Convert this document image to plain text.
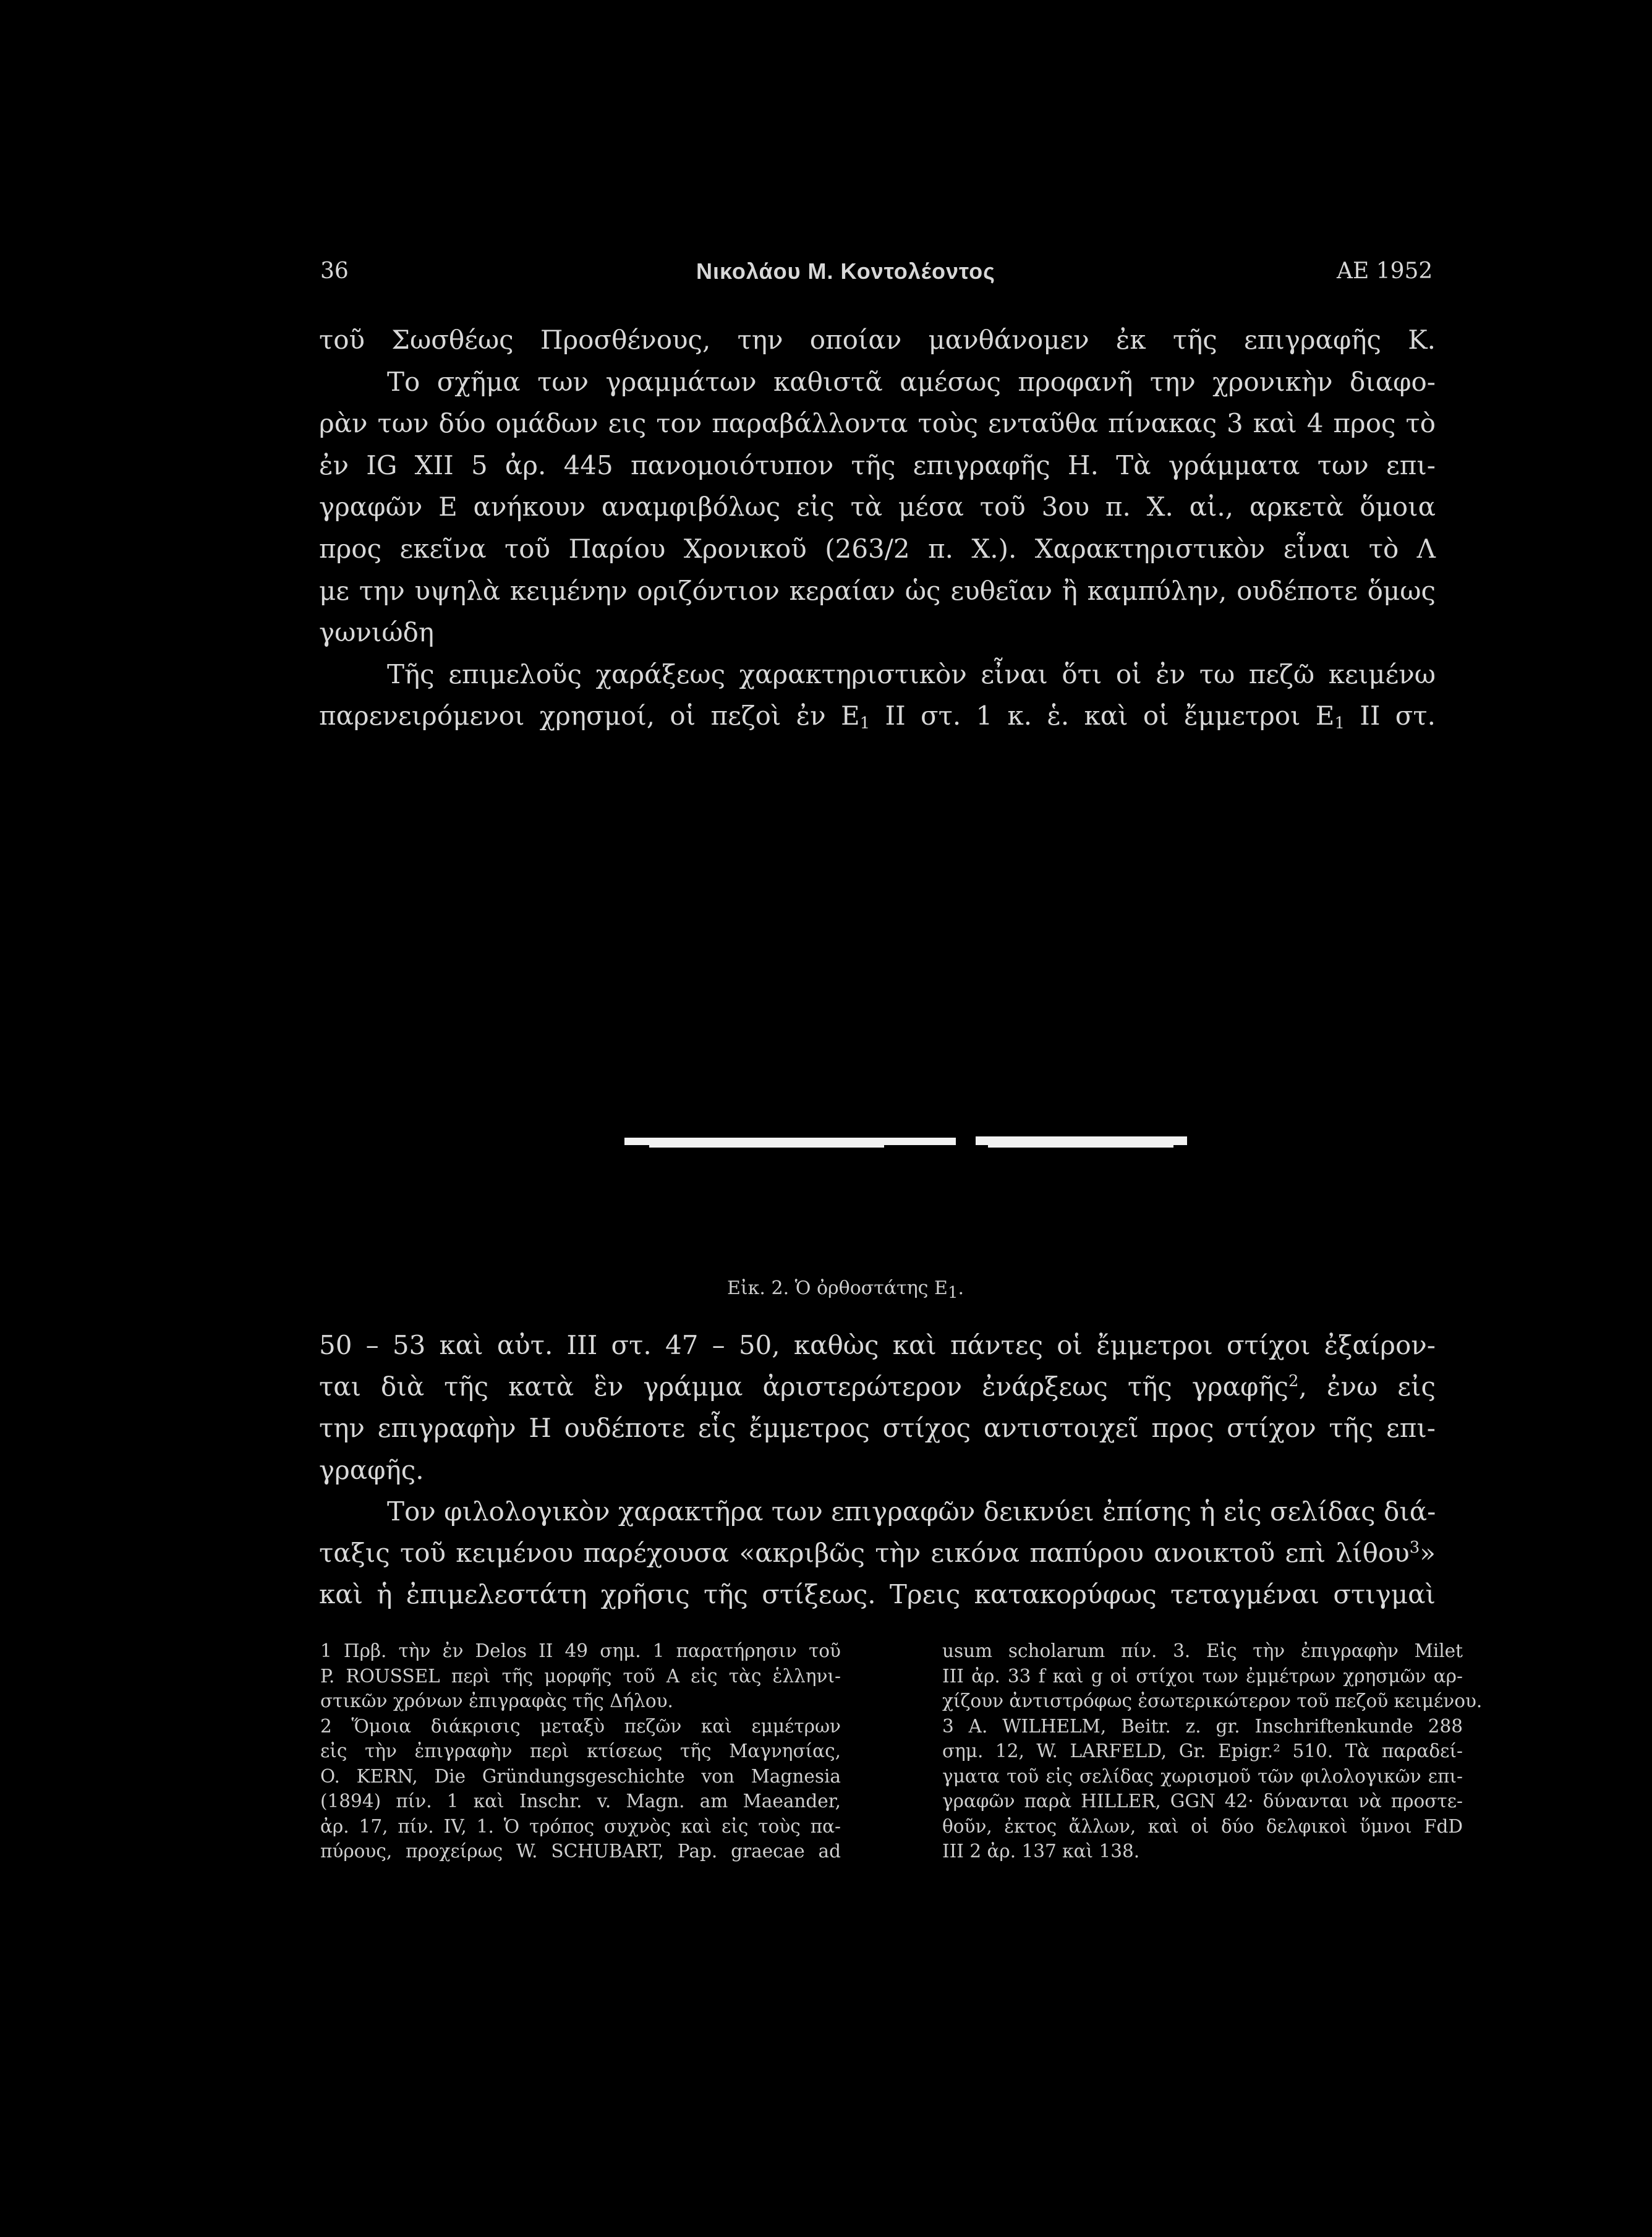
36	Νικολάου Μ. Κοντολέοντος	ΑΕ 1952
τοῦ Σωσθέως Προσθένους, την οποίαν μανθάνομεν ἐκ τῆς επιγραφῆς Κ.
Το σχῆμα των γραμμάτων καθιστᾶ αμέσως προφανῆ την χρονικὴν διαφο-
ρὰν των δύο ομάδων εις τον παραβάλλοντα τοὺς ενταῦθα πίνακας 3 καὶ 4 προς τὸ
ἐν IG XII 5 ἀρ. 445 πανομοιότυπον τῆς επιγραφῆς Η. Τὰ γράμματα των επι-
γραφῶν Ε ανήκουν αναμφιβόλως εἰς τὰ μέσα τοῦ 3ου π. Χ. αἰ., αρκετὰ ὅμοια
προς εκεῖνα τοῦ Παρίου Χρονικοῦ (263/2 π. Χ.). Χαρακτηριστικὸν εἶναι τὸ Λ
με την υψηλὰ κειμένην οριζόντιον κεραίαν ὡς ευθεῖαν ἢ καμπύλην, ουδέποτε ὅμως
γωνιώδη
Τῆς επιμελοῦς χαράξεως χαρακτηριστικὸν εἶναι ὅτι οἱ ἐν τω πεζῶ κειμένω
παρενειρόμενοι χρησμοί, οἱ πεζοὶ ἐν $E_1$ II στ. 1 κ. ἑ. καὶ οἱ ἔμμετροι $E_1$ II στ.
Εἰκ. 2. Ὁ ὀρθοστάτης $E_1$.
50 – 53 καὶ αὐτ. III στ. 47 – 50, καθὼς καὶ πάντες οἱ ἔμμετροι στίχοι ἐξαίρον-
ται διὰ τῆς κατὰ ἓν γράμμα ἀριστερώτερον ἐνάρξεως τῆς γραφῆς$^2$, ἐνω εἰς
την επιγραφὴν Η ουδέποτε εἷς ἔμμετρος στίχος αντιστοιχεῖ προς στίχον τῆς επι-
γραφῆς.
Τον φιλολογικὸν χαρακτῆρα των επιγραφῶν δεικνύει ἐπίσης ἡ εἰς σελίδας διά-
ταξις τοῦ κειμένου παρέχουσα «ακριβῶς τὴν εικόνα παπύρου ανοικτοῦ επὶ λίθου$^3$»
καὶ ἡ ἐπιμελεστάτη χρῆσις τῆς στίξεως. Τρεις κατακορύφως τεταγμέναι στιγμαὶ
1 Πρβ. τὴν ἐν Delos II 49 σημ. 1 παρατήρησιν τοῦ
P. ROUSSEL περὶ τῆς μορφῆς τοῦ Α εἰς τὰς ἑλληνι-
στικῶν χρόνων ἐπιγραφὰς τῆς Δήλου.
2 Ὅμοια διάκρισις μεταξὺ πεζῶν καὶ εμμέτρων
εἰς τὴν ἐπιγραφὴν περὶ κτίσεως τῆς Μαγνησίας,
O. KERN, Die Gründungsgeschichte von Magnesia
(1894) πίν. 1 καὶ Inschr. v. Magn. am Maeander,
ἀρ. 17, πίν. IV, 1. Ὁ τρόπος συχνὸς καὶ εἰς τοὺς πα-
πύρους, προχείρως W. SCHUBART, Pap. graecae ad
usum scholarum πίν. 3. Εἰς τὴν ἐπιγραφὴν Milet
III ἀρ. 33 f καὶ g οἱ στίχοι των ἐμμέτρων χρησμῶν αρ-
χίζουν ἀντιστρόφως ἐσωτερικώτερον τοῦ πεζοῦ κειμένου.
3 A. WILHELM, Beitr. z. gr. Inschriftenkunde 288
σημ. 12, W. LARFELD, Gr. Epigr.² 510. Τὰ παραδεί-
γματα τοῦ εἰς σελίδας χωρισμοῦ τῶν φιλολογικῶν επι-
γραφῶν παρὰ HILLER, GGN 42· δύνανται νὰ προστε-
θοῦν, ἐκτος ἄλλων, καὶ οἱ δύο δελφικοὶ ὕμνοι FdD
III 2 ἀρ. 137 καὶ 138.
